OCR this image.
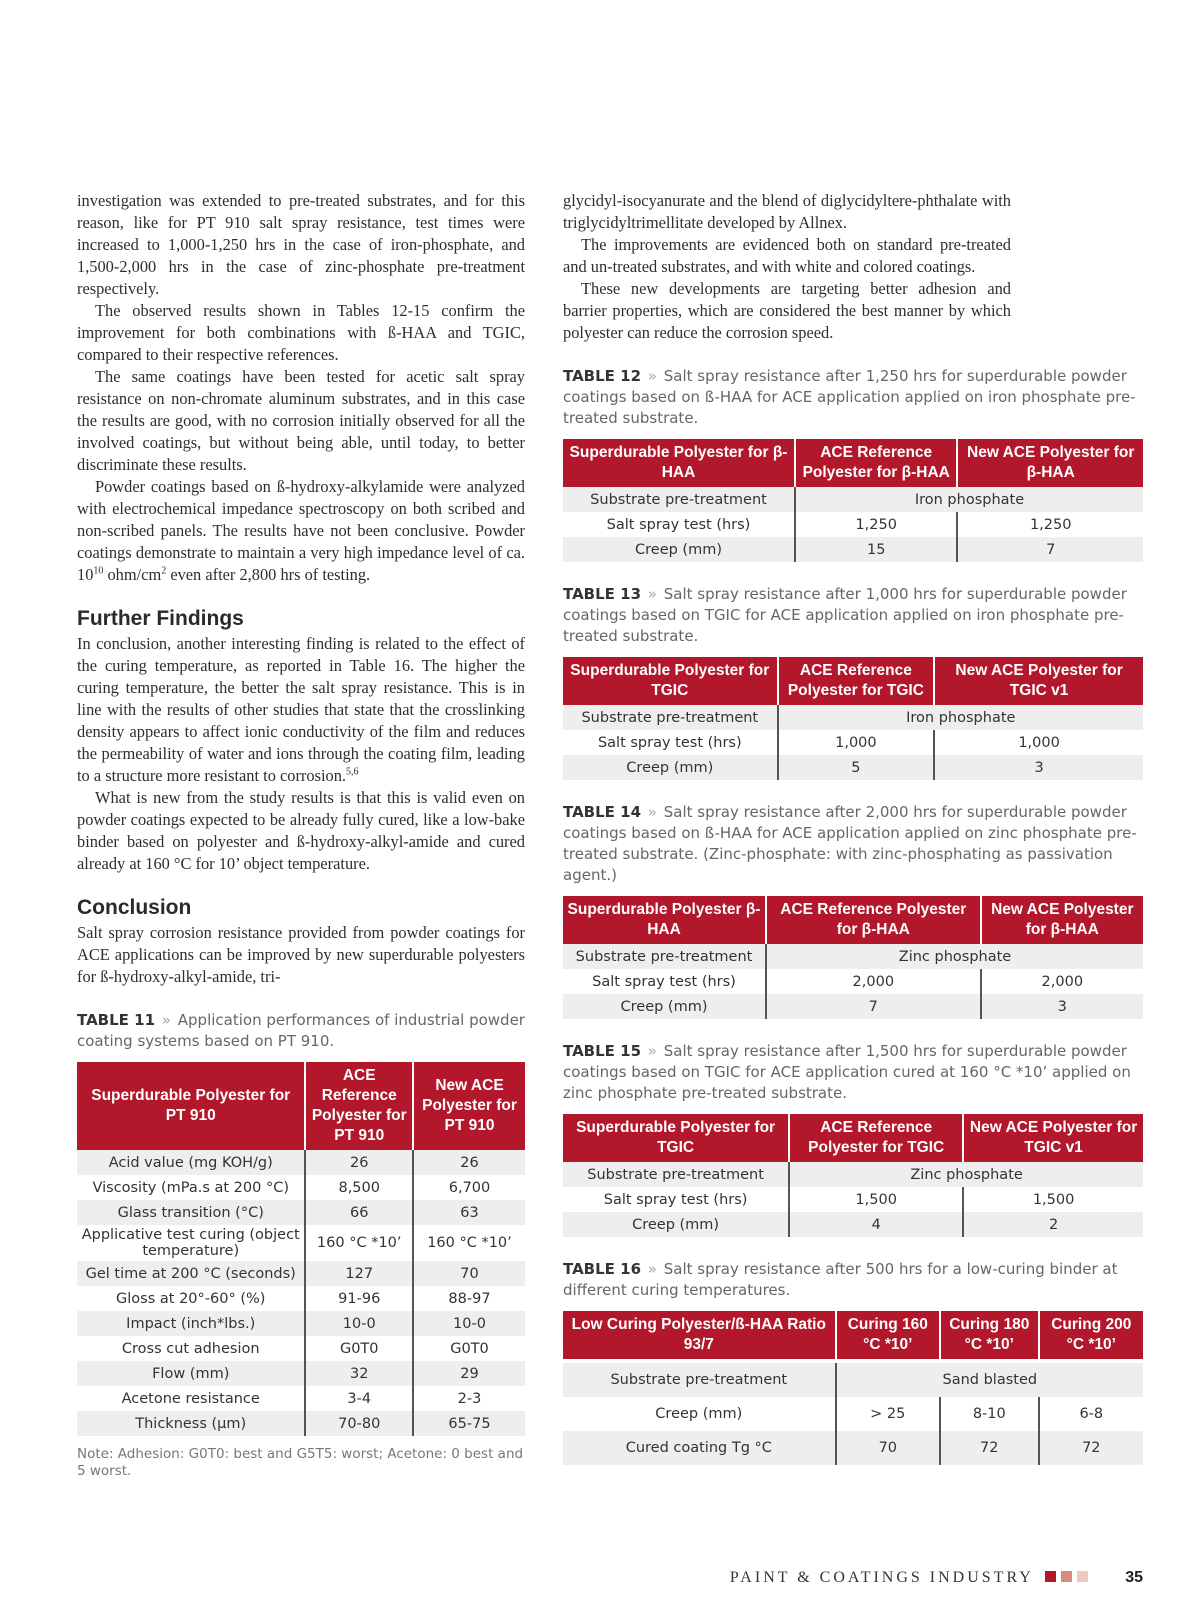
investigation was extended to pre-treated substrates, and for this reason, like for PT 910 salt spray resistance, test times were increased to 1,000-1,250 hrs in the case of iron-phosphate, and 1,500-2,000 hrs in the case of zinc-phosphate pre-treatment respectively.

The observed results shown in Tables 12-15 confirm the improvement for both combinations with ß-HAA and TGIC, compared to their respective references.

The same coatings have been tested for acetic salt spray resistance on non-chromate aluminum substrates, and in this case the results are good, with no corrosion initially observed for all the involved coatings, but without being able, until today, to better discriminate these results.

Powder coatings based on ß-hydroxy-alkylamide were analyzed with electrochemical impedance spectroscopy on both scribed and non-scribed panels. The results have not been conclusive. Powder coatings demonstrate to maintain a very high impedance level of ca. $10^{10}$ ohm/$cm^2$ even after 2,800 hrs of testing.

Further Findings

In conclusion, another interesting finding is related to the effect of the curing temperature, as reported in Table 16. The higher the curing temperature, the better the salt spray resistance. This is in line with the results of other studies that state that the crosslinking density appears to affect ionic conductivity of the film and reduces the permeability of water and ions through the coating film, leading to a structure more resistant to corrosion.$^{5,6}$

What is new from the study results is that this is valid even on powder coatings expected to be already fully cured, like a low-bake binder based on polyester and ß-hydroxy-alkyl-amide and cured already at 160 °C for 10’ object temperature.

Conclusion

Salt spray corrosion resistance provided from powder coatings for ACE applications can be improved by new superdurable polyesters for ß-hydroxy-alkyl-amide, tri-

TABLE 11 » Application performances of industrial powder coating systems based on PT 910.

Superdurable Polyester for PT 910	ACE Reference Polyester for PT 910	New ACE Polyester for PT 910
Acid value (mg KOH/g)	26	26
Viscosity (mPa.s at 200 °C)	8,500	6,700
Glass transition (°C)	66	63
Applicative test curing (object temperature)	160 °C *10’	160 °C *10’
Gel time at 200 °C (seconds)	127	70
Gloss at 20°-60° (%)	91-96	88-97
Impact (inch*lbs.)	10-0	10-0
Cross cut adhesion	G0T0	G0T0
Flow (mm)	32	29
Acetone resistance	3-4	2-3
Thickness (µm)	70-80	65-75
Note: Adhesion: G0T0: best and G5T5: worst; Acetone: 0 best and 5 worst.

glycidyl-isocyanurate and the blend of diglycidyltere-phthalate with triglycidyltrimellitate developed by Allnex.

The improvements are evidenced both on standard pre-treated and un-treated substrates, and with white and colored coatings.

These new developments are targeting better adhesion and barrier properties, which are considered the best manner by which polyester can reduce the corrosion speed.

TABLE 12 » Salt spray resistance after 1,250 hrs for superdurable powder coatings based on ß-HAA for ACE application applied on iron phosphate pre-treated substrate.

Superdurable Polyester for β-HAA	ACE Reference Polyester for β-HAA	New ACE Polyester for β-HAA
Substrate pre-treatment	Iron phosphate	
Salt spray test (hrs)	1,250	1,250
Creep (mm)	15	7

TABLE 13 » Salt spray resistance after 1,000 hrs for superdurable powder coatings based on TGIC for ACE application applied on iron phosphate pre-treated substrate.

Superdurable Polyester for TGIC	ACE Reference Polyester for TGIC	New ACE Polyester for TGIC v1
Substrate pre-treatment	Iron phosphate	
Salt spray test (hrs)	1,000	1,000
Creep (mm)	5	3

TABLE 14 » Salt spray resistance after 2,000 hrs for superdurable powder coatings based on ß-HAA for ACE application applied on zinc phosphate pre-treated substrate. (Zinc-phosphate: with zinc-phosphating as passivation agent.)

Superdurable Polyester β-HAA	ACE Reference Polyester for β-HAA	New ACE Polyester for β-HAA
Substrate pre-treatment	Zinc phosphate	
Salt spray test (hrs)	2,000	2,000
Creep (mm)	7	3

TABLE 15 » Salt spray resistance after 1,500 hrs for superdurable powder coatings based on TGIC for ACE application cured at 160 °C *10’ applied on zinc phosphate pre-treated substrate.

Superdurable Polyester for TGIC	ACE Reference Polyester for TGIC	New ACE Polyester for TGIC v1
Substrate pre-treatment	Zinc phosphate	
Salt spray test (hrs)	1,500	1,500
Creep (mm)	4	2

TABLE 16 » Salt spray resistance after 500 hrs for a low-curing binder at different curing temperatures.

Low Curing Polyester/ß-HAA Ratio 93/7	Curing 160 °C *10’	Curing 180 °C *10’	Curing 200 °C *10’
Substrate pre-treatment	Sand blasted		
Creep (mm)	> 25	8-10	6-8
Cured coating Tg °C	70	72	72
PAINT & COATINGS INDUSTRY	35
